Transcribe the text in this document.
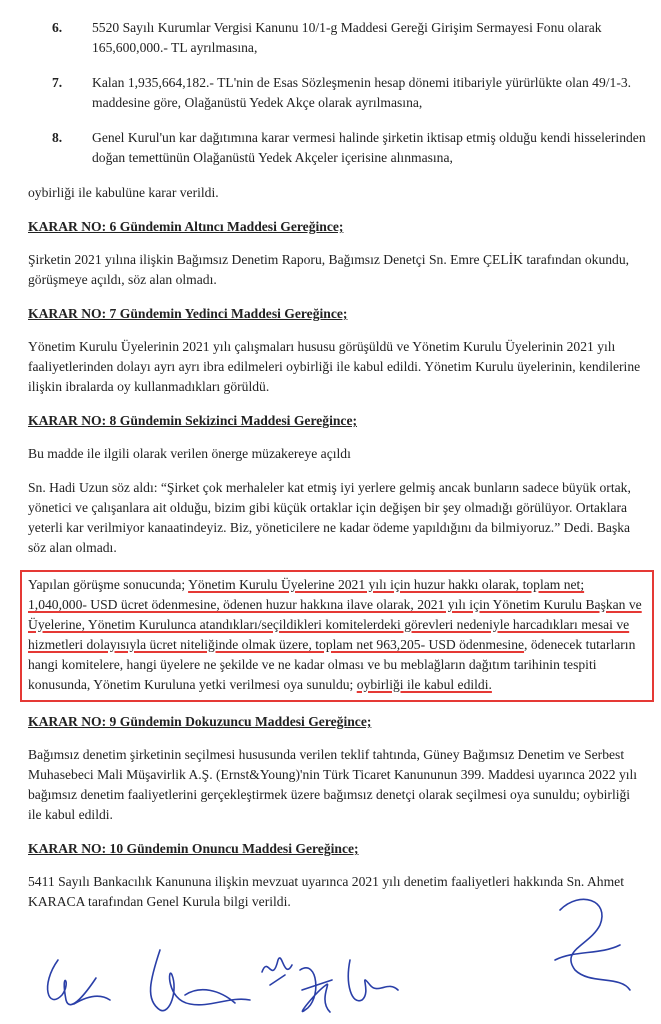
6.	5520 Sayılı Kurumlar Vergisi Kanunu 10/1-g Maddesi Gereği Girişim Sermayesi Fonu olarak 165,600,000.- TL ayrılmasına,
7.	Kalan 1,935,664,182.- TL'nin de Esas Sözleşmenin hesap dönemi itibariyle yürürlükte olan 49/1-3. maddesine göre, Olağanüstü Yedek Akçe olarak ayrılmasına,
8.	Genel Kurul'un kar dağıtımına karar vermesi halinde şirketin iktisap etmiş olduğu kendi hisselerinden doğan temettünün Olağanüstü Yedek Akçeler içerisine alınmasına,

oybirliği ile kabulüne karar verildi.

KARAR NO: 6 Gündemin Altıncı Maddesi Gereğince;

Şirketin 2021 yılına ilişkin Bağımsız Denetim Raporu, Bağımsız Denetçi Sn. Emre ÇELİK tarafından okundu, görüşmeye açıldı, söz alan olmadı.

KARAR NO: 7 Gündemin Yedinci Maddesi Gereğince;

Yönetim Kurulu Üyelerinin 2021 yılı çalışmaları hususu görüşüldü ve Yönetim Kurulu Üyelerinin 2021 yılı faaliyetlerinden dolayı ayrı ayrı ibra edilmeleri oybirliği ile kabul edildi. Yönetim Kurulu üyelerinin, kendilerine ilişkin ibralarda oy kullanmadıkları görüldü.

KARAR NO: 8 Gündemin Sekizinci Maddesi Gereğince;

Bu madde ile ilgili olarak verilen önerge müzakereye açıldı

Sn. Hadi Uzun söz aldı: “Şirket çok merhaleler kat etmiş iyi yerlere gelmiş ancak bunların sadece büyük ortak, yönetici ve çalışanlara ait olduğu, bizim gibi küçük ortaklar için değişen bir şey olmadığı görülüyor. Ortaklara yeterli kar verilmiyor kanaatindeyiz. Biz, yöneticilere ne kadar ödeme yapıldığını da bilmiyoruz.” Dedi. Başka söz alan olmadı.

Yapılan görüşme sonucunda; Yönetim Kurulu Üyelerine 2021 yılı için huzur hakkı olarak, toplam net; 1,040,000- USD ücret ödenmesine, ödenen huzur hakkına ilave olarak, 2021 yılı için Yönetim Kurulu Başkan ve Üyelerine, Yönetim Kurulunca atandıkları/seçildikleri komitelerdeki görevleri nedeniyle harcadıkları mesai ve hizmetleri dolayısıyla ücret niteliğinde olmak üzere, toplam net 963,205- USD ödenmesine, ödenecek tutarların hangi komitelere, hangi üyelere ne şekilde ve ne kadar olması ve bu meblağların dağıtım tarihinin tespiti konusunda, Yönetim Kuruluna yetki verilmesi oya sunuldu; oybirliği ile kabul edildi.

KARAR NO: 9 Gündemin Dokuzuncu Maddesi Gereğince;

Bağımsız denetim şirketinin seçilmesi hususunda verilen teklif tahtında, Güney Bağımsız Denetim ve Serbest Muhasebeci Mali Müşavirlik A.Ş. (Ernst&Young)'nin Türk Ticaret Kanununun 399. Maddesi uyarınca 2022 yılı bağımsız denetim faaliyetlerini gerçekleştirmek üzere bağımsız denetçi olarak seçilmesi oya sunuldu; oybirliği ile kabul edildi.

KARAR NO: 10 Gündemin Onuncu Maddesi Gereğince;

5411 Sayılı Bankacılık Kanununa ilişkin mevzuat uyarınca 2021 yılı denetim faaliyetleri hakkında Sn. Ahmet KARACA tarafından Genel Kurula bilgi verildi.
